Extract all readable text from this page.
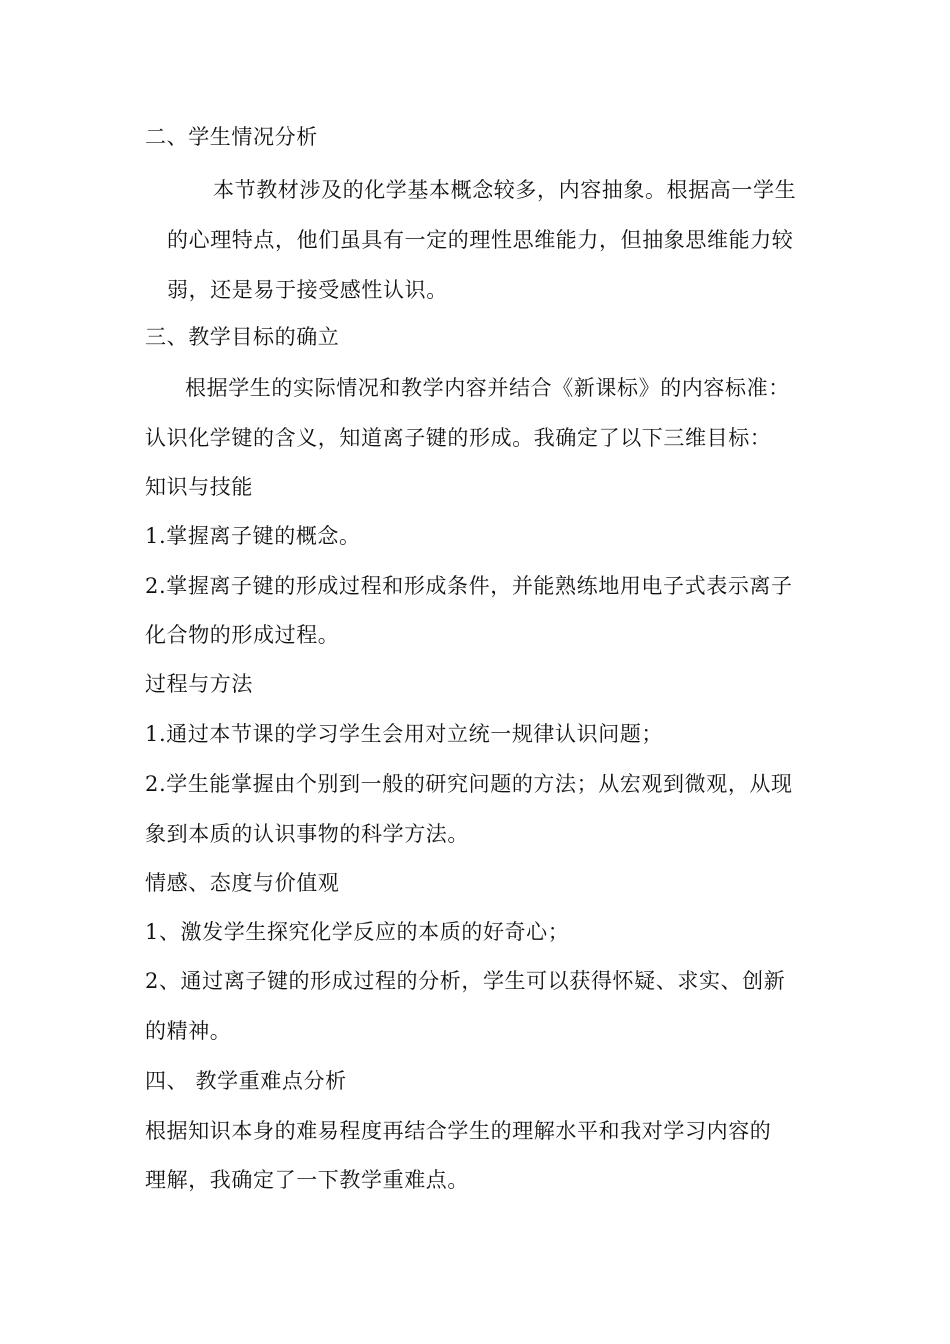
二、学生情况分析
本节教材涉及的化学基本概念较多，内容抽象。根据高一学生
的心理特点，他们虽具有一定的理性思维能力，但抽象思维能力较
弱，还是易于接受感性认识。
三、教学目标的确立
根据学生的实际情况和教学内容并结合《新课标》的内容标准：
认识化学键的含义，知道离子键的形成。我确定了以下三维目标：
知识与技能
1.掌握离子键的概念。
2.掌握离子键的形成过程和形成条件，并能熟练地用电子式表示离子
化合物的形成过程。
过程与方法
1.通过本节课的学习学生会用对立统一规律认识问题；
2.学生能掌握由个别到一般的研究问题的方法；从宏观到微观，从现
象到本质的认识事物的科学方法。
情感、态度与价值观
1、激发学生探究化学反应的本质的好奇心；
2、通过离子键的形成过程的分析，学生可以获得怀疑、求实、创新
的精神。
四、 教学重难点分析
根据知识本身的难易程度再结合学生的理解水平和我对学习内容的
理解，我确定了一下教学重难点。
